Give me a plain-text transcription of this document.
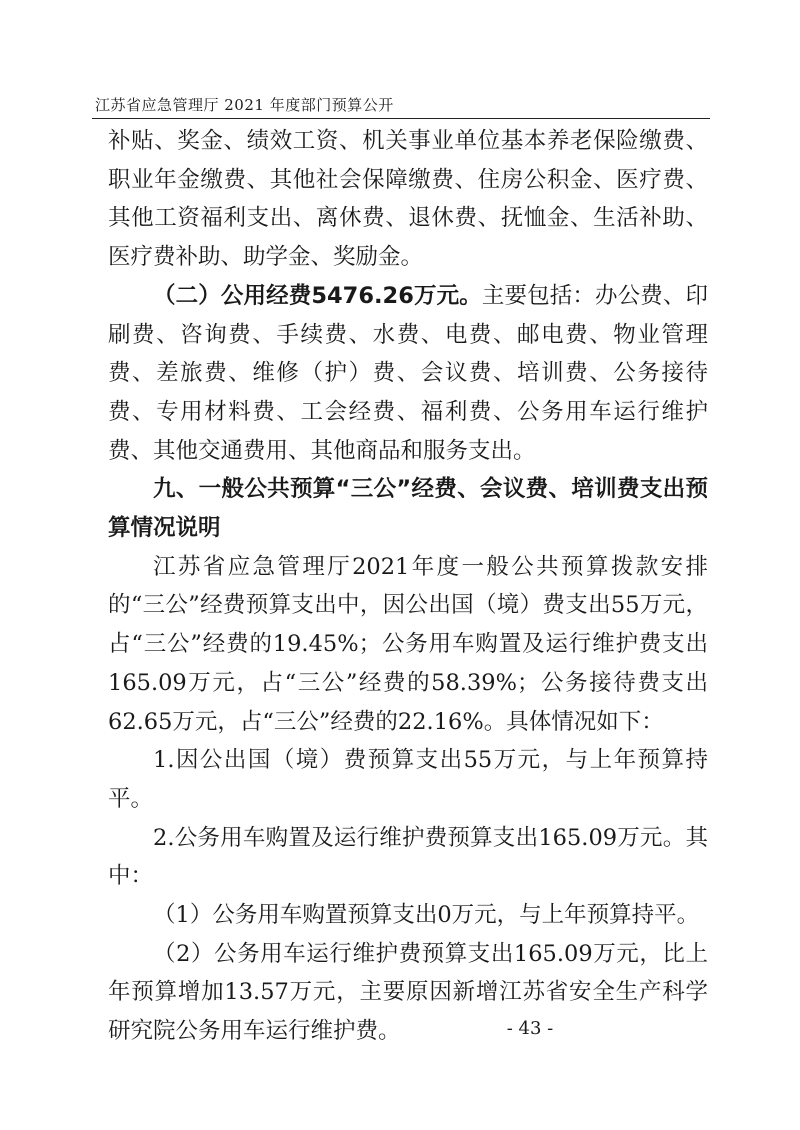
江苏省应急管理厅 2021 年度部门预算公开

补贴、奖金、绩效工资、机关事业单位基本养老保险缴费、职业年金缴费、其他社会保障缴费、住房公积金、医疗费、其他工资福利支出、离休费、退休费、抚恤金、生活补助、医疗费补助、助学金、奖励金。

（二）公用经费5476.26万元。主要包括：办公费、印刷费、咨询费、手续费、水费、电费、邮电费、物业管理费、差旅费、维修（护）费、会议费、培训费、公务接待费、专用材料费、工会经费、福利费、公务用车运行维护费、其他交通费用、其他商品和服务支出。

九、一般公共预算“三公”经费、会议费、培训费支出预算情况说明

江苏省应急管理厅2021年度一般公共预算拨款安排的“三公”经费预算支出中，因公出国（境）费支出55万元，占“三公”经费的19.45%；公务用车购置及运行维护费支出165.09万元，占“三公”经费的58.39%；公务接待费支出62.65万元，占“三公”经费的22.16%。具体情况如下：

1.因公出国（境）费预算支出55万元，与上年预算持平。

2.公务用车购置及运行维护费预算支出165.09万元。其中：

（1）公务用车购置预算支出0万元，与上年预算持平。

（2）公务用车运行维护费预算支出165.09万元，比上年预算增加13.57万元，主要原因新增江苏省安全生产科学研究院公务用车运行维护费。	- 43 -
